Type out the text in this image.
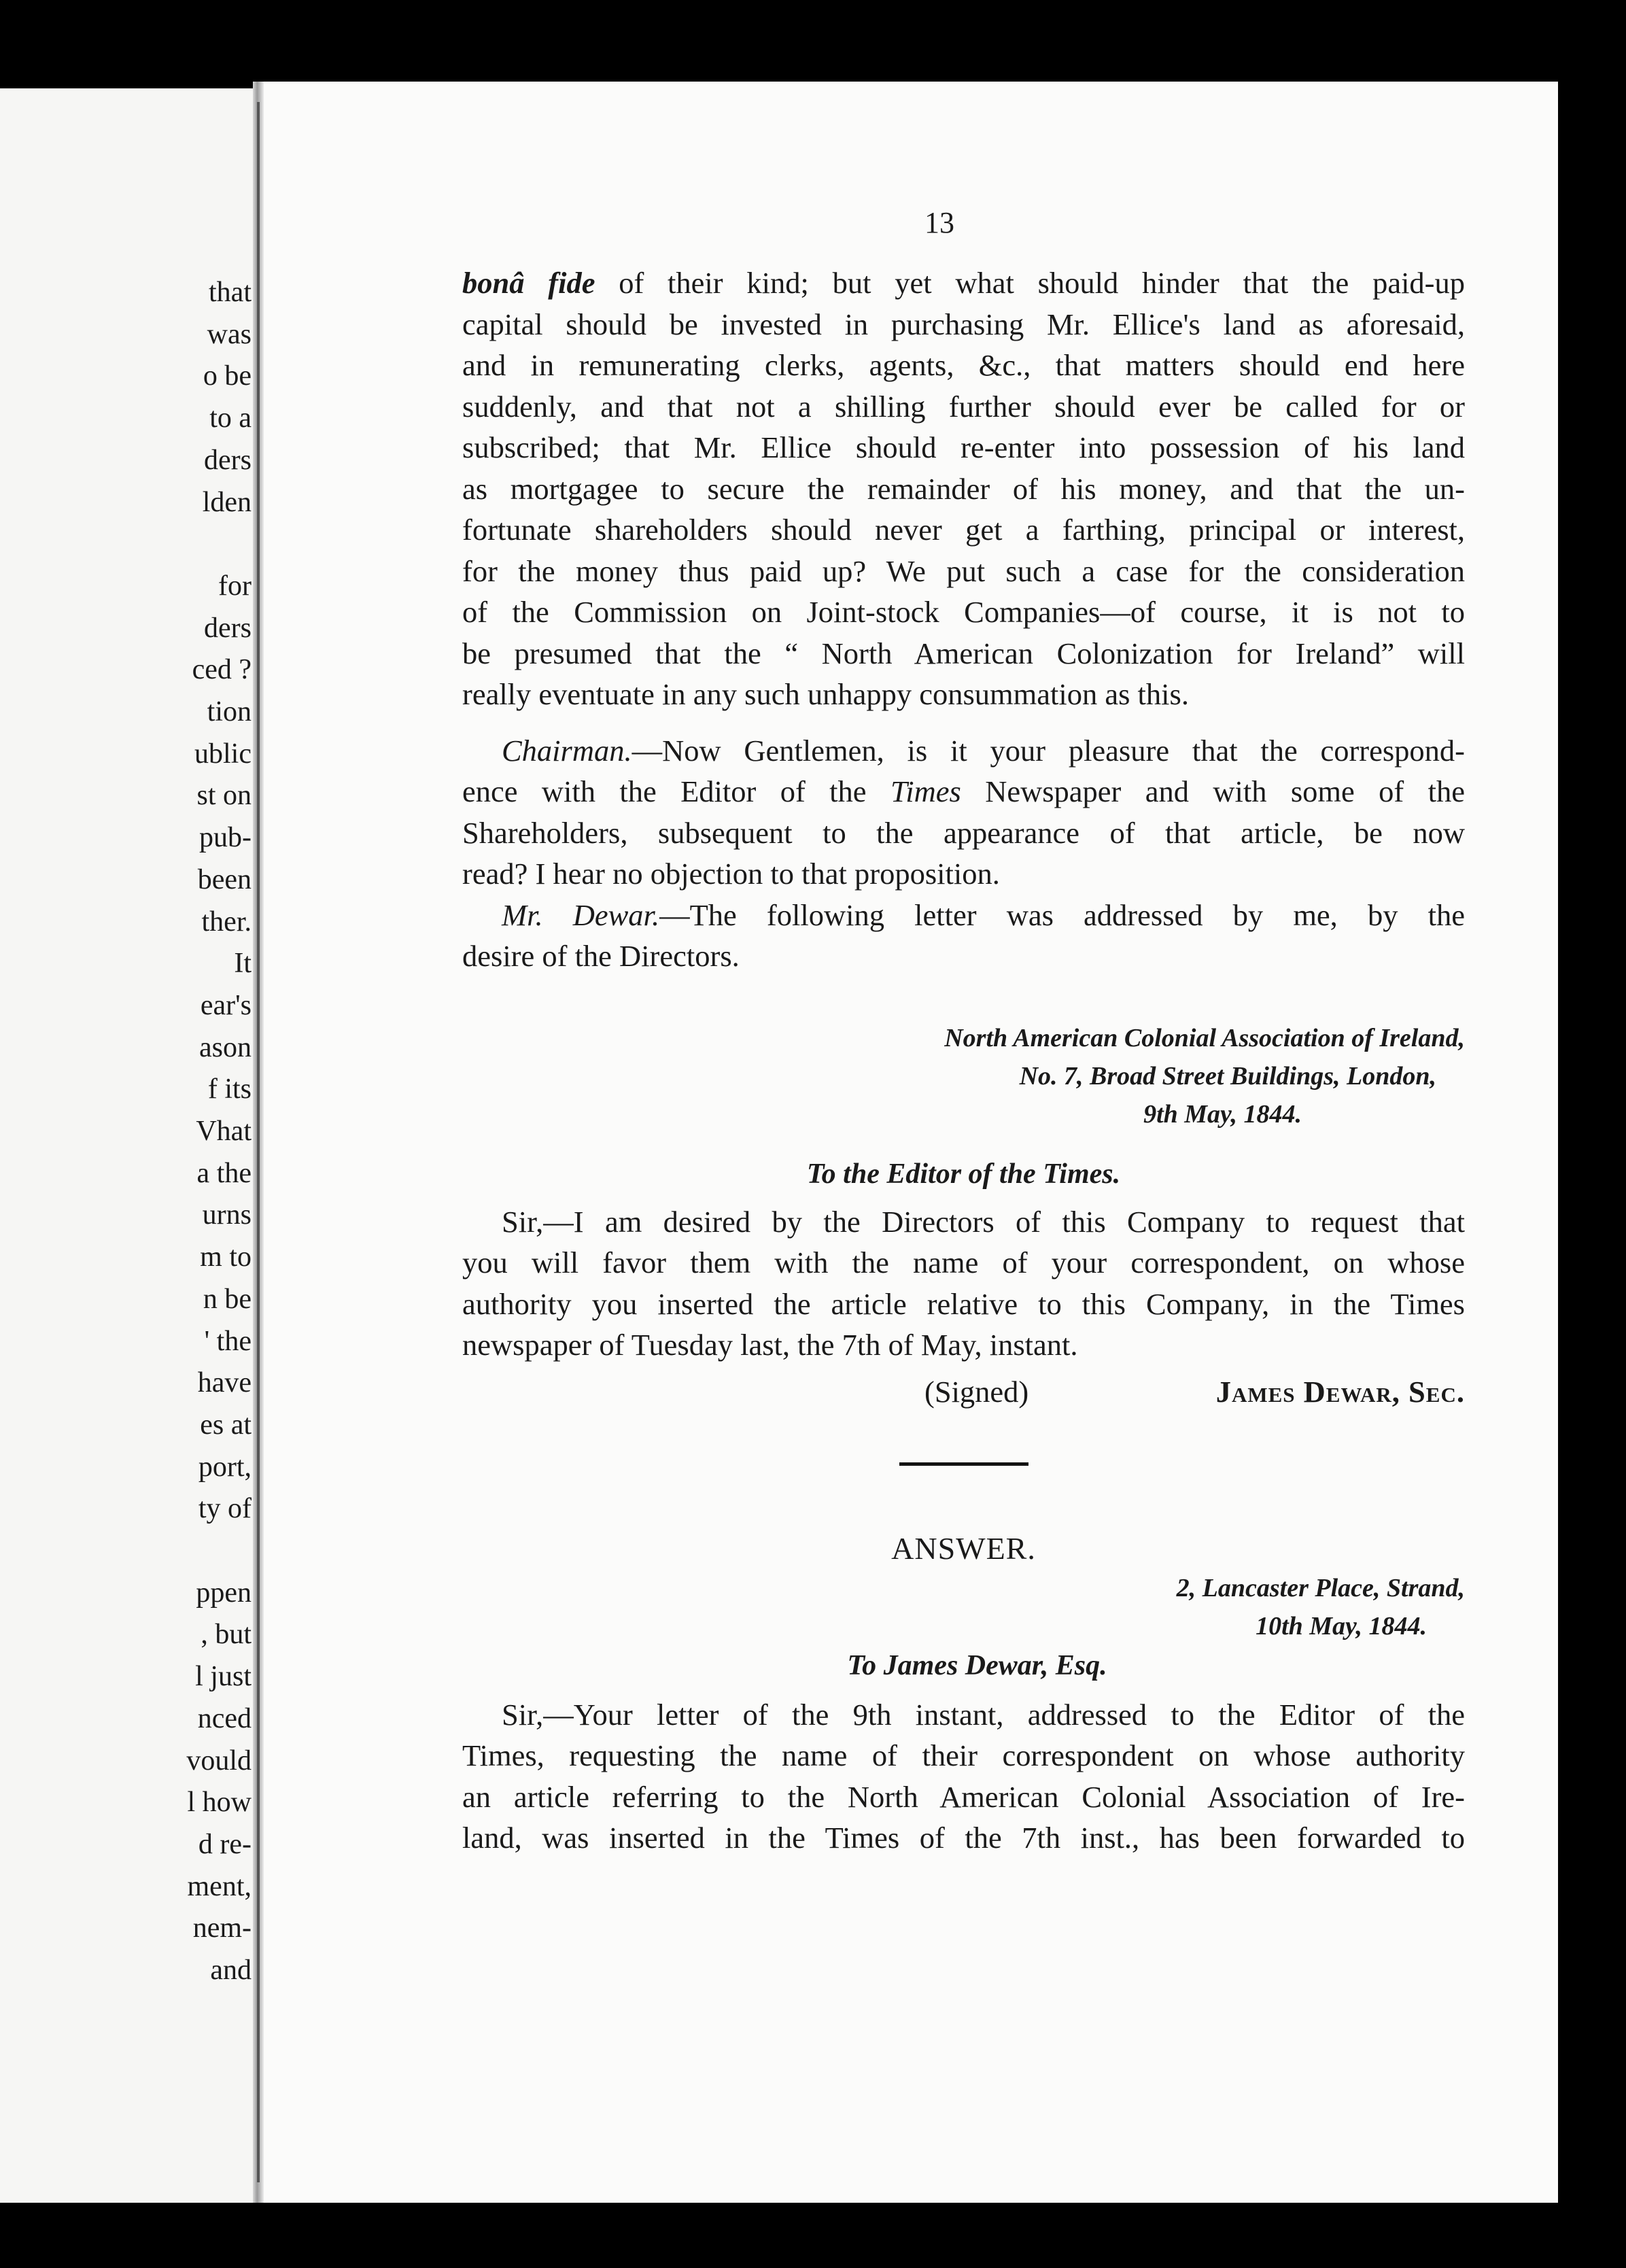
that
was
o be
to a
ders
lden
for
ders
ced ?
tion
ublic
st on
pub-
been
ther.
It
ear's
ason
f its
Vhat
a the
urns
m to
n be
' the
have
es at
port,
ty of
ppen
, but
l just
nced
vould
l how
d re-
ment,
nem-
and
13

bonâ fide of their kind; but yet what should hinder that the paid-up
capital should be invested in purchasing Mr. Ellice's land as aforesaid,
and in remunerating clerks, agents, &c., that matters should end here
suddenly, and that not a shilling further should ever be called for or
subscribed; that Mr. Ellice should re-enter into possession of his land
as mortgagee to secure the remainder of his money, and that the un-
fortunate shareholders should never get a farthing, principal or interest,
for the money thus paid up? We put such a case for the consideration
of the Commission on Joint-stock Companies—of course, it is not to
be presumed that the “ North American Colonization for Ireland” will
really eventuate in any such unhappy consummation as this.

Chairman.—Now Gentlemen, is it your pleasure that the correspond-
ence with the Editor of the Times Newspaper and with some of the
Shareholders, subsequent to the appearance of that article, be now
read? I hear no objection to that proposition.

Mr. Dewar.—The following letter was addressed by me, by the
desire of the Directors.

North American Colonial Association of Ireland,
No. 7, Broad Street Buildings, London,
9th May, 1844.
To the Editor of the Times.

Sir,—I am desired by the Directors of this Company to request that
you will favor them with the name of your correspondent, on whose
authority you inserted the article relative to this Company, in the Times
newspaper of Tuesday last, the 7th of May, instant.

(Signed)	James Dewar, Sec.
ANSWER.
2, Lancaster Place, Strand,
10th May, 1844.
To James Dewar, Esq.

Sir,—Your letter of the 9th instant, addressed to the Editor of the
Times, requesting the name of their correspondent on whose authority
an article referring to the North American Colonial Association of Ire-
land, was inserted in the Times of the 7th inst., has been forwarded to
